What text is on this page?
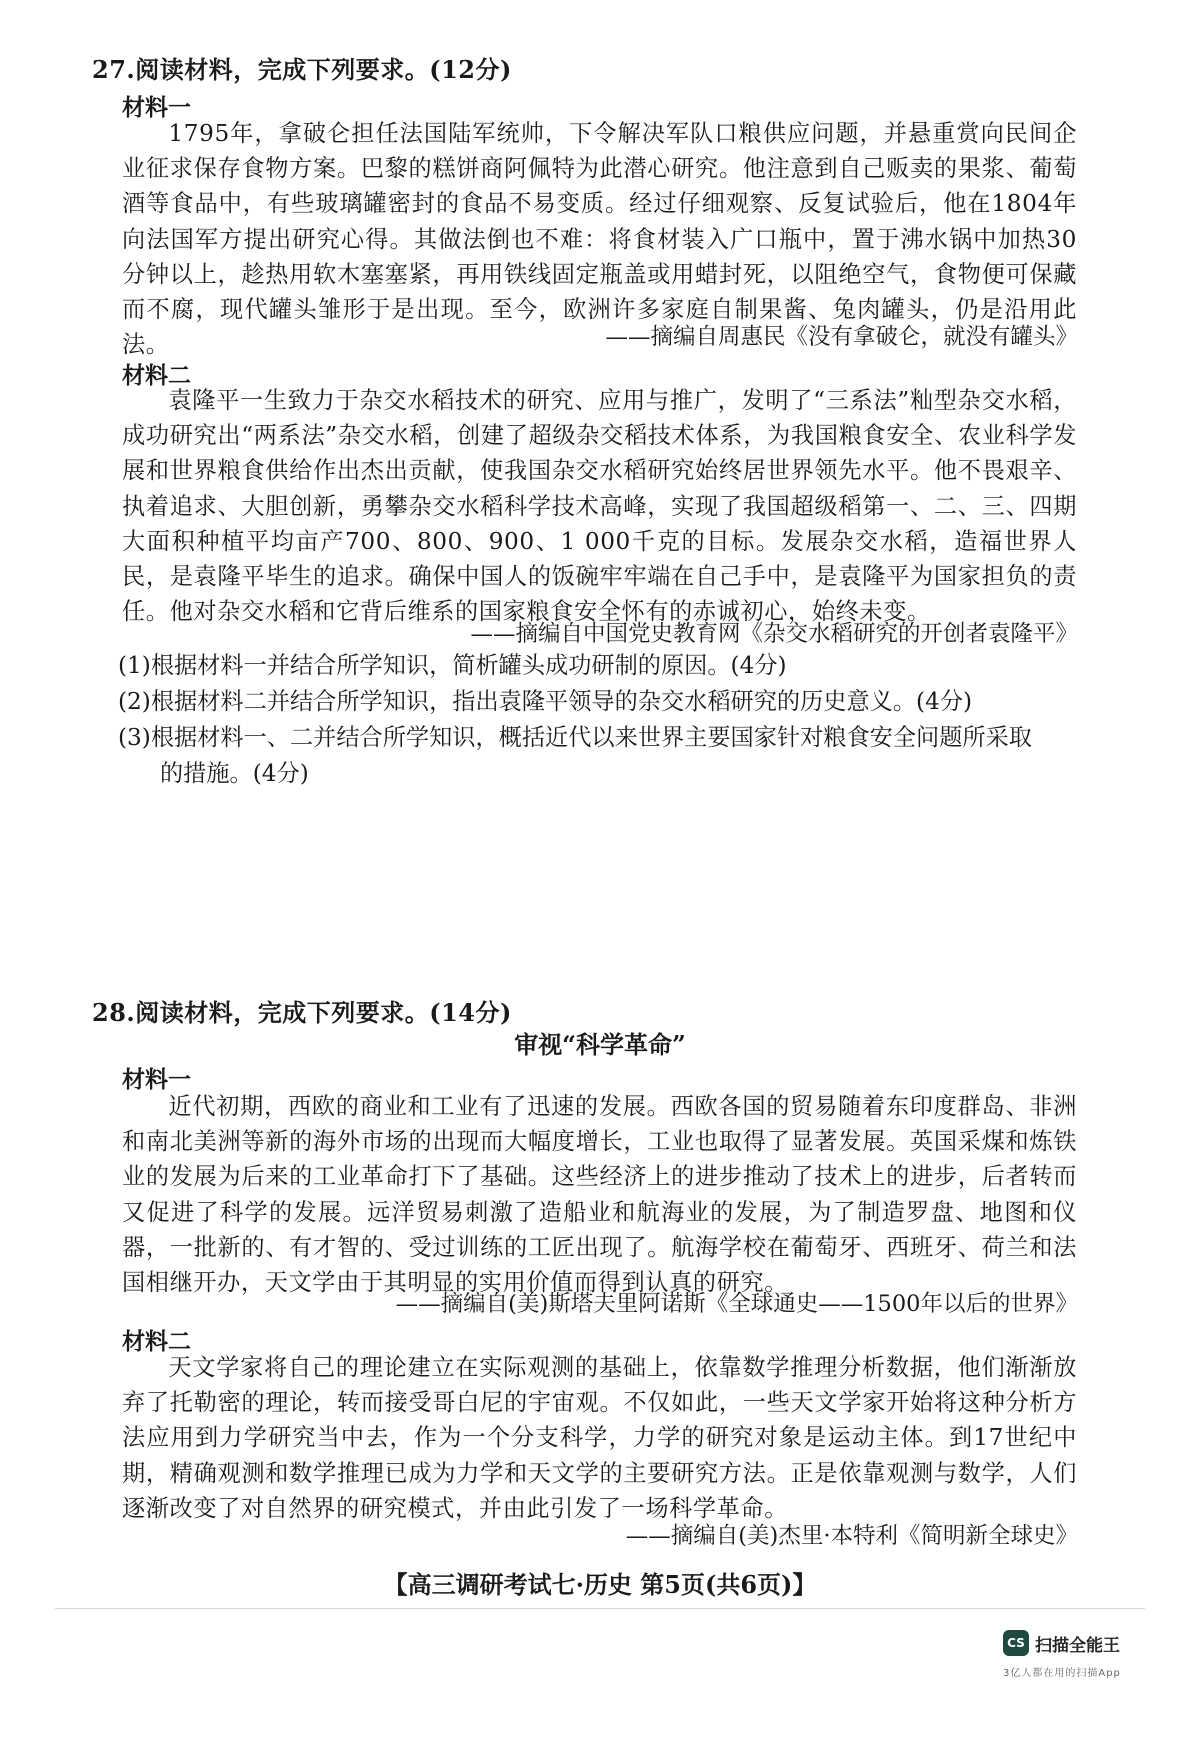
27.阅读材料，完成下列要求。(12分)
材料一

1795年，拿破仑担任法国陆军统帅，下令解决军队口粮供应问题，并悬重赏向民间企业征求保存食物方案。巴黎的糕饼商阿佩特为此潜心研究。他注意到自己贩卖的果浆、葡萄酒等食品中，有些玻璃罐密封的食品不易变质。经过仔细观察、反复试验后，他在1804年向法国军方提出研究心得。其做法倒也不难：将食材装入广口瓶中，置于沸水锅中加热30分钟以上，趁热用软木塞塞紧，再用铁线固定瓶盖或用蜡封死，以阻绝空气，食物便可保藏而不腐，现代罐头雏形于是出现。至今，欧洲许多家庭自制果酱、兔肉罐头，仍是沿用此法。	——摘编自周惠民《没有拿破仑，就没有罐头》
材料二

袁隆平一生致力于杂交水稻技术的研究、应用与推广，发明了“三系法”籼型杂交水稻，成功研究出“两系法”杂交水稻，创建了超级杂交稻技术体系，为我国粮食安全、农业科学发展和世界粮食供给作出杰出贡献，使我国杂交水稻研究始终居世界领先水平。他不畏艰辛、执着追求、大胆创新，勇攀杂交水稻科学技术高峰，实现了我国超级稻第一、二、三、四期大面积种植平均亩产700、800、900、1 000千克的目标。发展杂交水稻，造福世界人民，是袁隆平毕生的追求。确保中国人的饭碗牢牢端在自己手中，是袁隆平为国家担负的责任。他对杂交水稻和它背后维系的国家粮食安全怀有的赤诚初心，始终未变。

——摘编自中国党史教育网《杂交水稻研究的开创者袁隆平》
(1)根据材料一并结合所学知识，简析罐头成功研制的原因。(4分)
(2)根据材料二并结合所学知识，指出袁隆平领导的杂交水稻研究的历史意义。(4分)
(3)根据材料一、二并结合所学知识，概括近代以来世界主要国家针对粮食安全问题所采取
的措施。(4分)
28.阅读材料，完成下列要求。(14分)
审视“科学革命”
材料一

近代初期，西欧的商业和工业有了迅速的发展。西欧各国的贸易随着东印度群岛、非洲和南北美洲等新的海外市场的出现而大幅度增长，工业也取得了显著发展。英国采煤和炼铁业的发展为后来的工业革命打下了基础。这些经济上的进步推动了技术上的进步，后者转而又促进了科学的发展。远洋贸易刺激了造船业和航海业的发展，为了制造罗盘、地图和仪器，一批新的、有才智的、受过训练的工匠出现了。航海学校在葡萄牙、西班牙、荷兰和法国相继开办，天文学由于其明显的实用价值而得到认真的研究。

——摘编自(美)斯塔夫里阿诺斯《全球通史——1500年以后的世界》
材料二

天文学家将自己的理论建立在实际观测的基础上，依靠数学推理分析数据，他们渐渐放弃了托勒密的理论，转而接受哥白尼的宇宙观。不仅如此，一些天文学家开始将这种分析方法应用到力学研究当中去，作为一个分支科学，力学的研究对象是运动主体。到17世纪中期，精确观测和数学推理已成为力学和天文学的主要研究方法。正是依靠观测与数学，人们逐渐改变了对自然界的研究模式，并由此引发了一场科学革命。

——摘编自(美)杰里·本特利《简明新全球史》
【高三调研考试七·历史 第5页(共6页)】
CS 扫描全能王
3亿人都在用的扫描App
